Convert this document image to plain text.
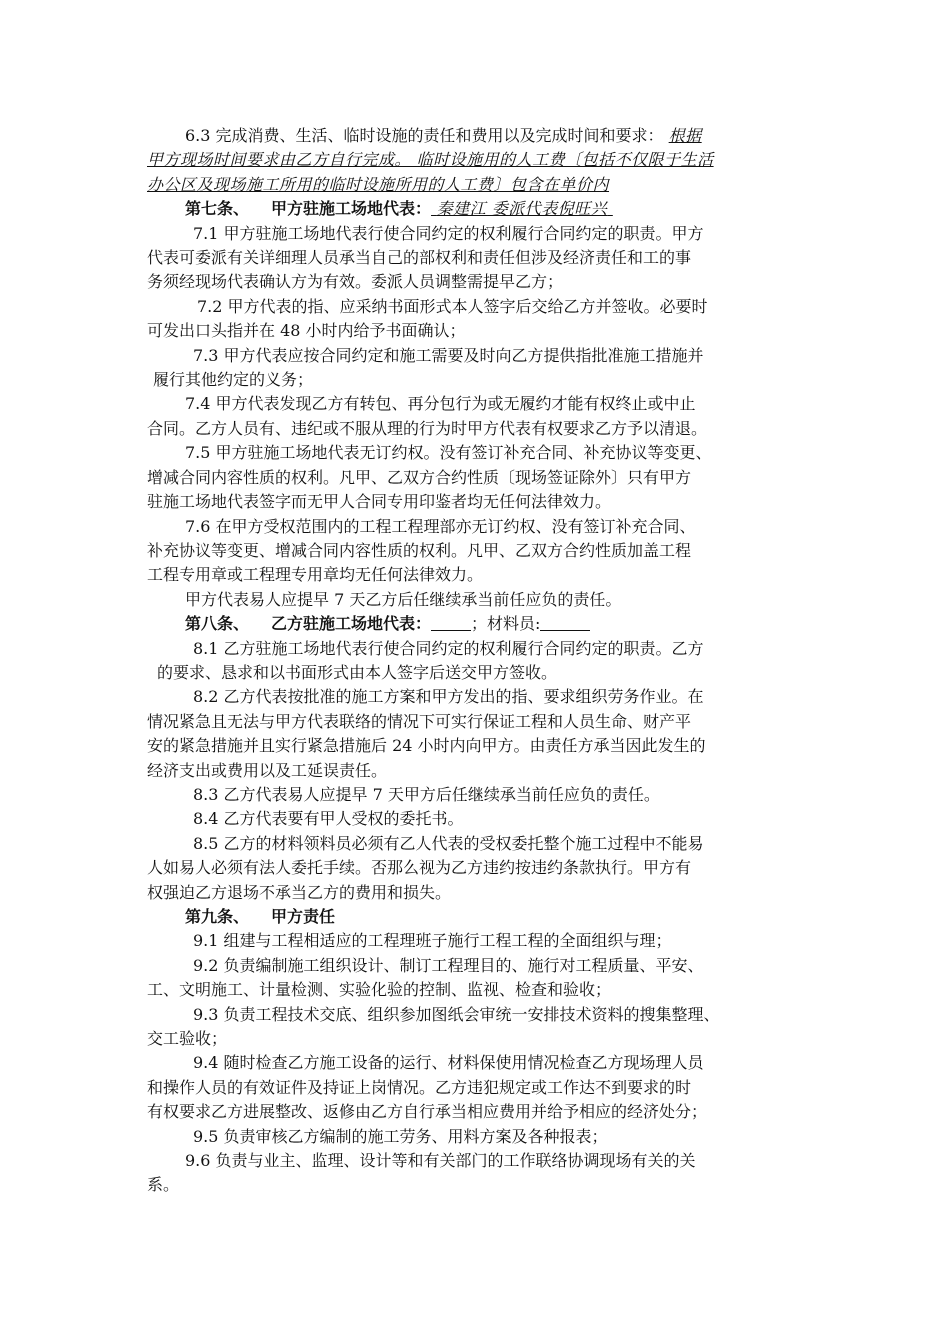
6.3 完成消费、生活、临时设施的责任和费用以及完成时间和要求： 根据
甲方现场时间要求由乙方自行完成。 临时设施用的人工费〔包括不仅限于生活
办公区及现场施工所用的临时设施所用的人工费〕包含在单价内
第七条、 甲方驻施工场地代表： 秦建江 委派代表倪旺兴
7.1 甲方驻施工场地代表行使合同约定的权利履行合同约定的职责。甲方
代表可委派有关详细理人员承当自己的部权利和责任但涉及经济责任和工的事
务须经现场代表确认方为有效。委派人员调整需提早乙方；
7.2 甲方代表的指、应采纳书面形式本人签字后交给乙方并签收。必要时
可发出口头指并在 48 小时内给予书面确认；
7.3 甲方代表应按合同约定和施工需要及时向乙方提供指批准施工措施并
履行其他约定的义务；
7.4 甲方代表发现乙方有转包、再分包行为或无履约才能有权终止或中止
合同。乙方人员有、违纪或不服从理的行为时甲方代表有权要求乙方予以清退。
7.5 甲方驻施工场地代表无订约权。没有签订补充合同、补充协议等变更、
增减合同内容性质的权利。凡甲、乙双方合约性质〔现场签证除外〕只有甲方
驻施工场地代表签字而无甲人合同专用印鉴者均无任何法律效力。
7.6 在甲方受权范围内的工程工程理部亦无订约权、没有签订补充合同、
补充协议等变更、增减合同内容性质的权利。凡甲、乙双方合约性质加盖工程
工程专用章或工程理专用章均无任何法律效力。
甲方代表易人应提早 7 天乙方后任继续承当前任应负的责任。
第八条、 乙方驻施工场地代表：	；材料员:
8.1 乙方驻施工场地代表行使合同约定的权利履行合同约定的职责。乙方
的要求、恳求和以书面形式由本人签字后送交甲方签收。
8.2 乙方代表按批准的施工方案和甲方发出的指、要求组织劳务作业。在
情况紧急且无法与甲方代表联络的情况下可实行保证工程和人员生命、财产平
安的紧急措施并且实行紧急措施后 24 小时内向甲方。由责任方承当因此发生的
经济支出或费用以及工延误责任。
8.3 乙方代表易人应提早 7 天甲方后任继续承当前任应负的责任。
8.4 乙方代表要有甲人受权的委托书。
8.5 乙方的材料领料员必须有乙人代表的受权委托整个施工过程中不能易
人如易人必须有法人委托手续。否那么视为乙方违约按违约条款执行。甲方有
权强迫乙方退场不承当乙方的费用和损失。
第九条、 甲方责任
9.1 组建与工程相适应的工程理班子施行工程工程的全面组织与理；
9.2 负责编制施工组织设计、制订工程理目的、施行对工程质量、平安、
工、文明施工、计量检测、实验化验的控制、监视、检查和验收；
9.3 负责工程技术交底、组织参加图纸会审统一安排技术资料的搜集整理、
交工验收；
9.4 随时检查乙方施工设备的运行、材料保使用情况检查乙方现场理人员
和操作人员的有效证件及持证上岗情况。乙方违犯规定或工作达不到要求的时
有权要求乙方进展整改、返修由乙方自行承当相应费用并给予相应的经济处分；
9.5 负责审核乙方编制的施工劳务、用料方案及各种报表；
9.6 负责与业主、监理、设计等和有关部门的工作联络协调现场有关的关
系。
